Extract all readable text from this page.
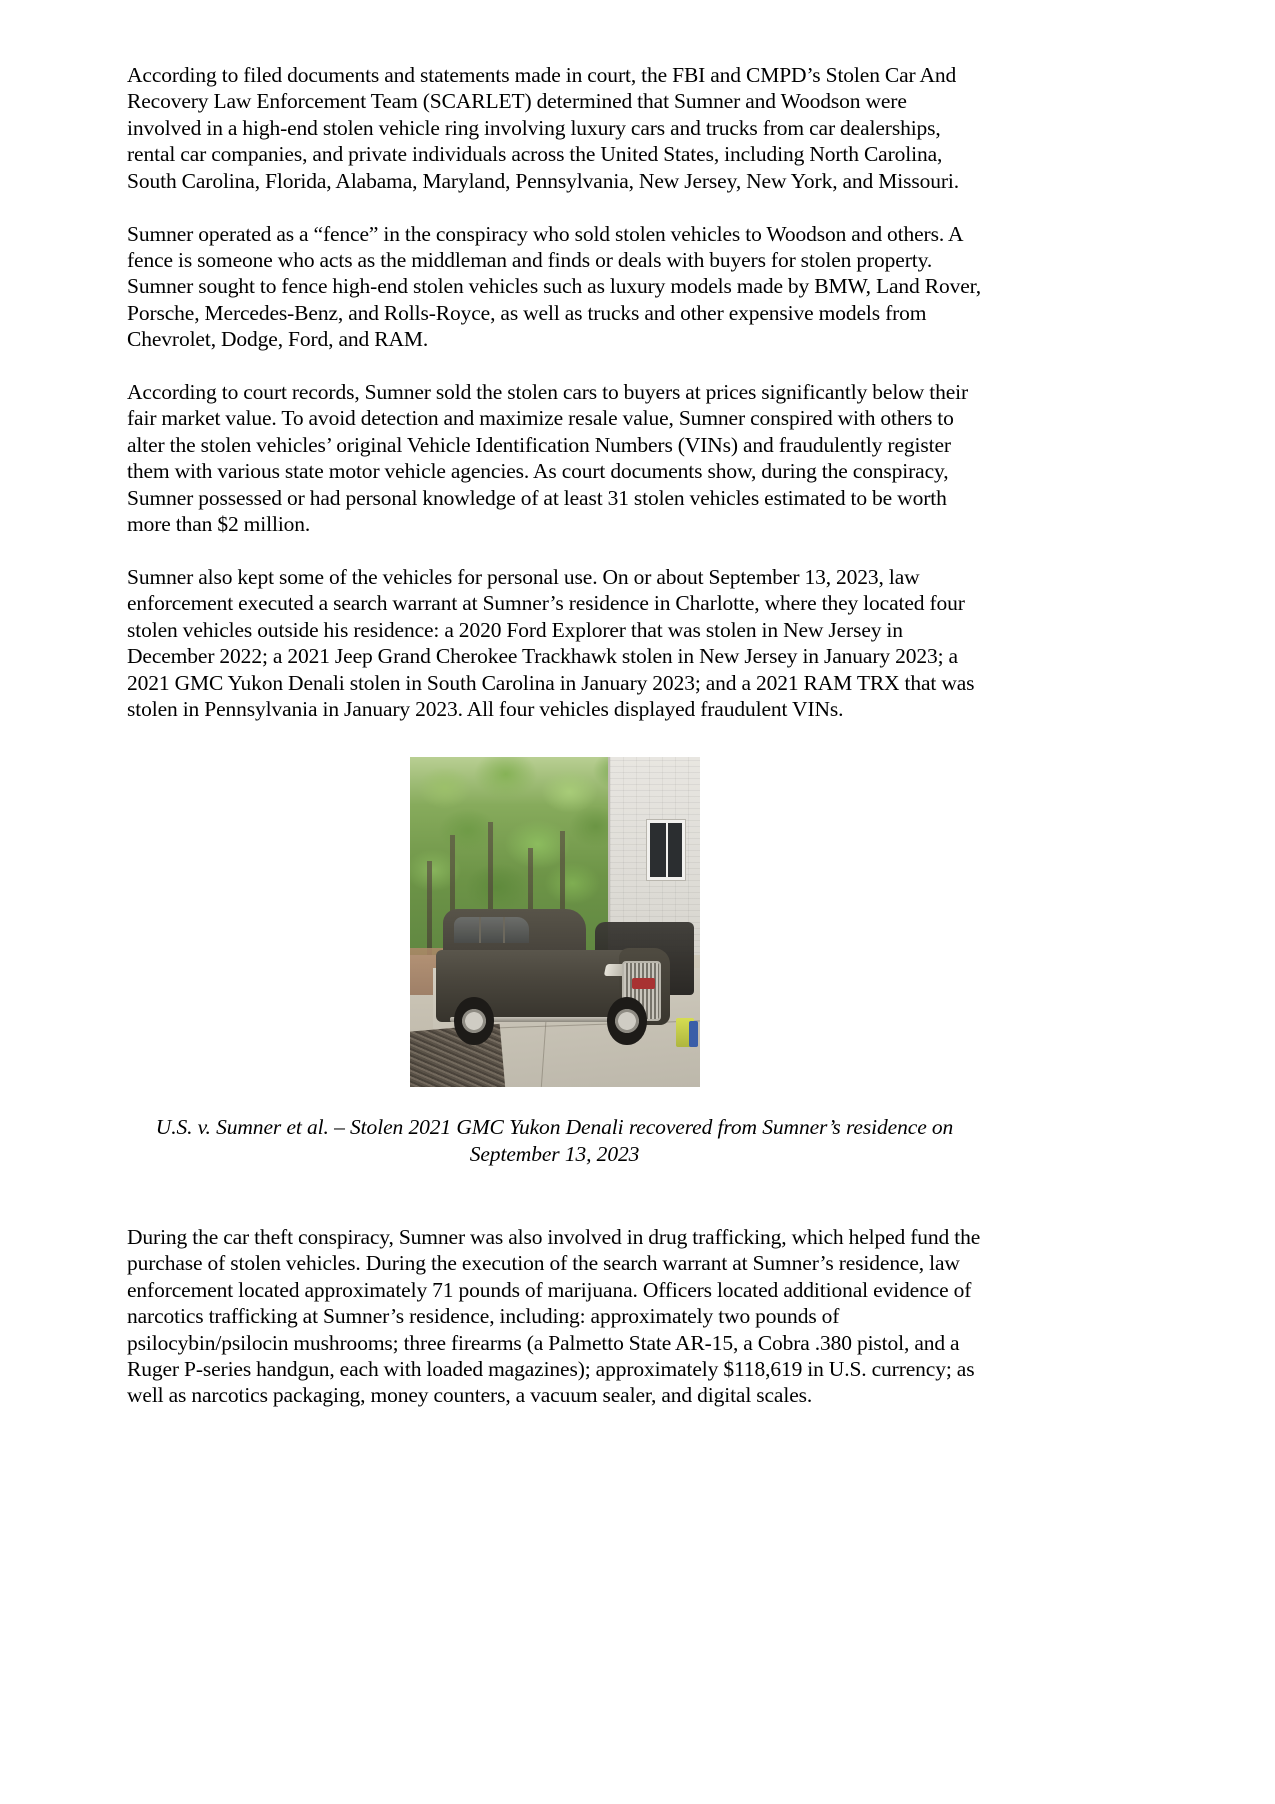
According to filed documents and statements made in court, the FBI and CMPD’s Stolen Car And Recovery Law Enforcement Team (SCARLET) determined that Sumner and Woodson were involved in a high-end stolen vehicle ring involving luxury cars and trucks from car dealerships, rental car companies, and private individuals across the United States, including North Carolina, South Carolina, Florida, Alabama, Maryland, Pennsylvania, New Jersey, New York, and Missouri.

Sumner operated as a “fence” in the conspiracy who sold stolen vehicles to Woodson and others. A fence is someone who acts as the middleman and finds or deals with buyers for stolen property. Sumner sought to fence high-end stolen vehicles such as luxury models made by BMW, Land Rover, Porsche, Mercedes-Benz, and Rolls-Royce, as well as trucks and other expensive models from Chevrolet, Dodge, Ford, and RAM.

According to court records, Sumner sold the stolen cars to buyers at prices significantly below their fair market value. To avoid detection and maximize resale value, Sumner conspired with others to alter the stolen vehicles’ original Vehicle Identification Numbers (VINs) and fraudulently register them with various state motor vehicle agencies. As court documents show, during the conspiracy, Sumner possessed or had personal knowledge of at least 31 stolen vehicles estimated to be worth more than $2 million.

Sumner also kept some of the vehicles for personal use. On or about September 13, 2023, law enforcement executed a search warrant at Sumner’s residence in Charlotte, where they located four stolen vehicles outside his residence: a 2020 Ford Explorer that was stolen in New Jersey in December 2022; a 2021 Jeep Grand Cherokee Trackhawk stolen in New Jersey in January 2023; a 2021 GMC Yukon Denali stolen in South Carolina in January 2023; and a 2021 RAM TRX that was stolen in Pennsylvania in January 2023. All four vehicles displayed fraudulent VINs.

U.S. v. Sumner et al. – Stolen 2021 GMC Yukon Denali recovered from Sumner’s residence on September 13, 2023

During the car theft conspiracy, Sumner was also involved in drug trafficking, which helped fund the purchase of stolen vehicles. During the execution of the search warrant at Sumner’s residence, law enforcement located approximately 71 pounds of marijuana. Officers located additional evidence of narcotics trafficking at Sumner’s residence, including: approximately two pounds of psilocybin/psilocin mushrooms; three firearms (a Palmetto State AR-15, a Cobra .380 pistol, and a Ruger P-series handgun, each with loaded magazines); approximately $118,619 in U.S. currency; as well as narcotics packaging, money counters, a vacuum sealer, and digital scales.
